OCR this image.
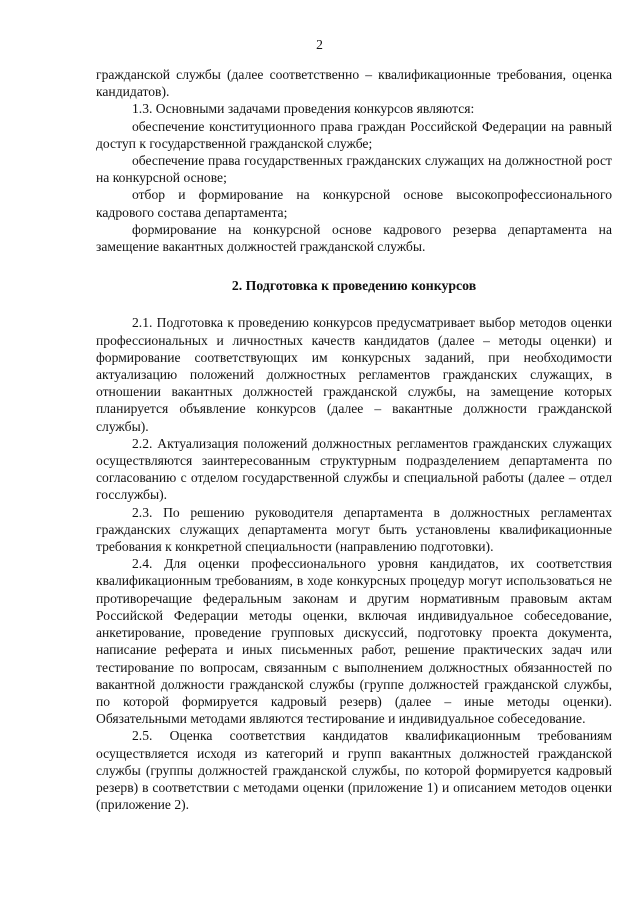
2

гражданской службы (далее соответственно – квалификационные требования, оценка кандидатов).

1.3. Основными задачами проведения конкурсов являются:

обеспечение конституционного права граждан Российской Федерации на равный доступ к государственной гражданской службе;

обеспечение права государственных гражданских служащих на должностной рост на конкурсной основе;

отбор и формирование на конкурсной основе высокопрофессионального кадрового состава департамента;

формирование на конкурсной основе кадрового резерва департамента на замещение вакантных должностей гражданской службы.

2. Подготовка к проведению конкурсов

2.1. Подготовка к проведению конкурсов предусматривает выбор методов оценки профессиональных и личностных качеств кандидатов (далее – методы оценки) и формирование соответствующих им конкурсных заданий, при необходимости актуализацию положений должностных регламентов гражданских служащих, в отношении вакантных должностей гражданской службы, на замещение которых планируется объявление конкурсов (далее – вакантные должности гражданской службы).

2.2. Актуализация положений должностных регламентов гражданских служащих осуществляются заинтересованным структурным подразделением департамента по согласованию с отделом государственной службы и специальной работы (далее – отдел госслужбы).

2.3. По решению руководителя департамента в должностных регламентах гражданских служащих департамента могут быть установлены квалификационные требования к конкретной специальности (направлению подготовки).

2.4. Для оценки профессионального уровня кандидатов, их соответствия квалификационным требованиям, в ходе конкурсных процедур могут использоваться не противоречащие федеральным законам и другим нормативным правовым актам Российской Федерации методы оценки, включая индивидуальное собеседование, анкетирование, проведение групповых дискуссий, подготовку проекта документа, написание реферата и иных письменных работ, решение практических задач или тестирование по вопросам, связанным с выполнением должностных обязанностей по вакантной должности гражданской службы (группе должностей гражданской службы, по которой формируется кадровый резерв) (далее – иные методы оценки). Обязательными методами являются тестирование и индивидуальное собеседование.

2.5. Оценка соответствия кандидатов квалификационным требованиям осуществляется исходя из категорий и групп вакантных должностей гражданской службы (группы должностей гражданской службы, по которой формируется кадровый резерв) в соответствии с методами оценки (приложение 1) и описанием методов оценки (приложение 2).
